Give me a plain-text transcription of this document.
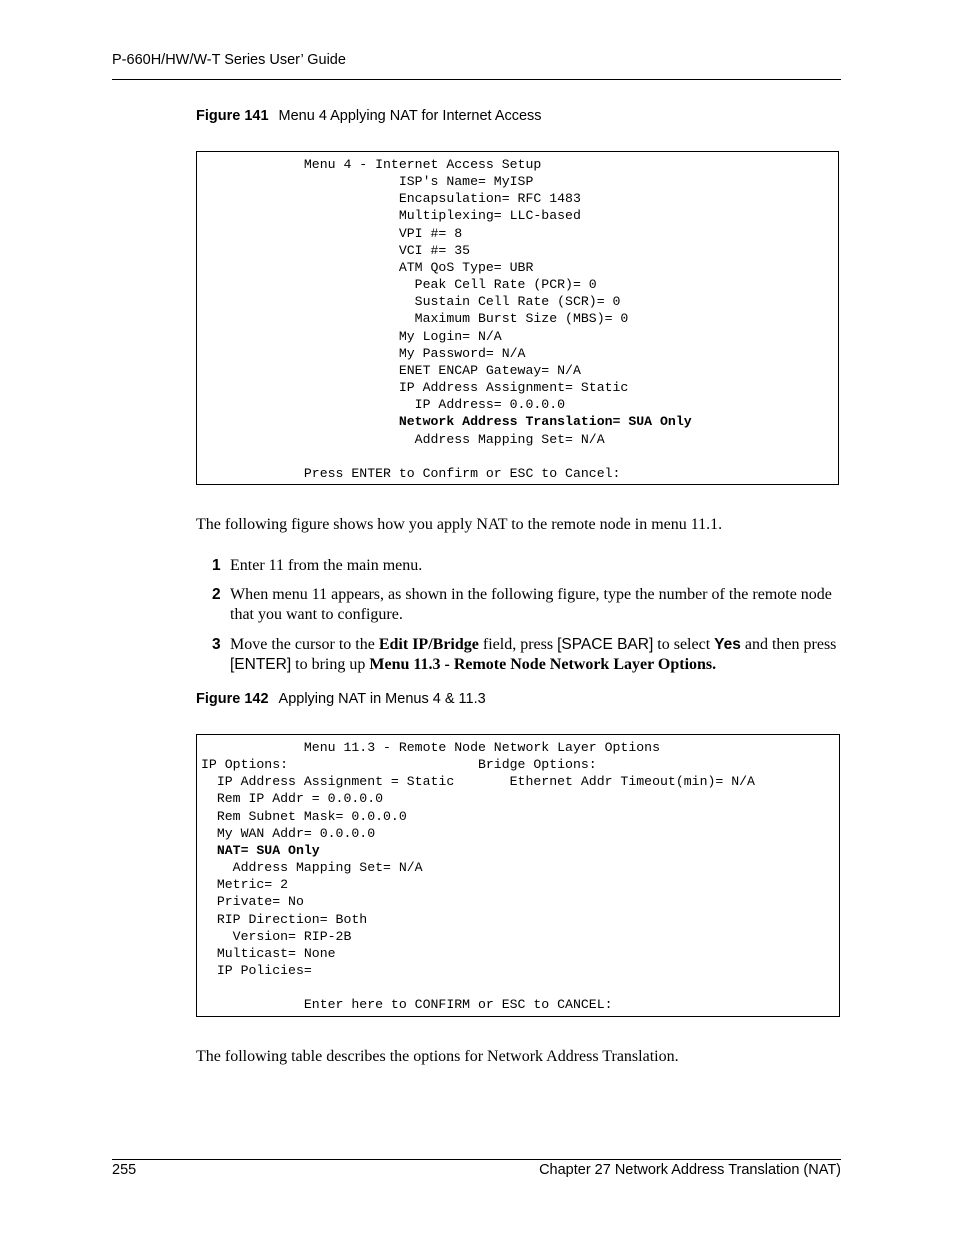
P-660H/HW/W-T Series User’ Guide
Figure 141 Menu 4 Applying NAT for Internet Access
Menu 4 - Internet Access Setup
ISP's Name= MyISP
Encapsulation= RFC 1483
Multiplexing= LLC-based
VPI #= 8
VCI #= 35
ATM QoS Type= UBR
Peak Cell Rate (PCR)= 0
Sustain Cell Rate (SCR)= 0
Maximum Burst Size (MBS)= 0
My Login= N/A
My Password= N/A
ENET ENCAP Gateway= N/A
IP Address Assignment= Static
IP Address= 0.0.0.0
Network Address Translation= SUA Only
Address Mapping Set= N/A

Press ENTER to Confirm or ESC to Cancel:

The following figure shows how you apply NAT to the remote node in menu 11.1.
1 Enter 11 from the main menu.
2 When menu 11 appears, as shown in the following figure, type the number of the remote node that you want to configure.
3 Move the cursor to the Edit IP/Bridge field, press [SPACE BAR] to select Yes and then press [ENTER] to bring up Menu 11.3 - Remote Node Network Layer Options.
Figure 142 Applying NAT in Menus 4 & 11.3
Menu 11.3 - Remote Node Network Layer Options
IP Options:                        Bridge Options:
IP Address Assignment = Static       Ethernet Addr Timeout(min)= N/A
Rem IP Addr = 0.0.0.0
Rem Subnet Mask= 0.0.0.0
My WAN Addr= 0.0.0.0
NAT= SUA Only
Address Mapping Set= N/A
Metric= 2
Private= No
RIP Direction= Both
Version= RIP-2B
Multicast= None
IP Policies=

Enter here to CONFIRM or ESC to CANCEL:

The following table describes the options for Network Address Translation.
255	Chapter 27 Network Address Translation (NAT)
